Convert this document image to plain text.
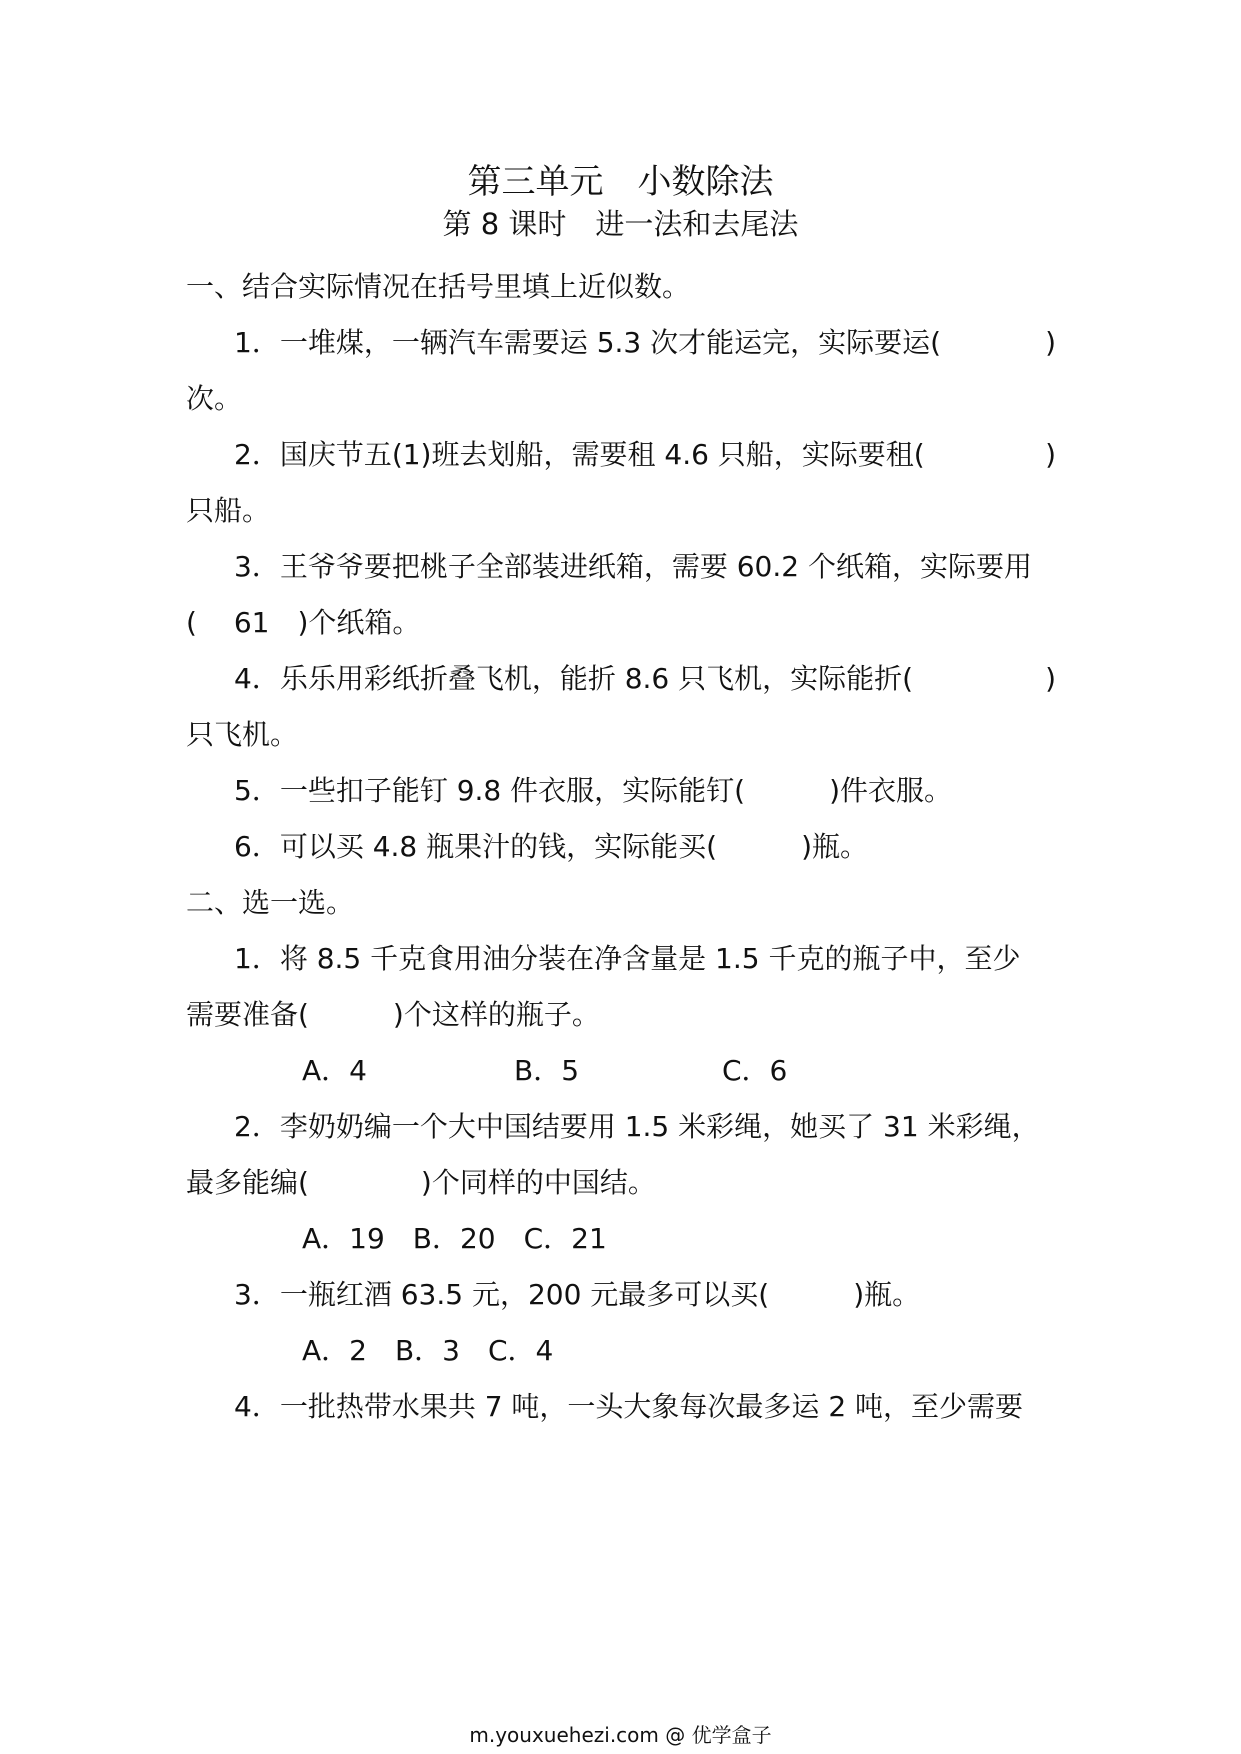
第三单元　小数除法
第 8 课时　进一法和去尾法
一、结合实际情况在括号里填上近似数。
1．一堆煤，一辆汽车需要运 5.3 次才能运完，实际要运(	)
次。
2．国庆节五(1)班去划船，需要租 4.6 只船，实际要租(	)
只船。
3．王爷爷要把桃子全部装进纸箱，需要 60.2 个纸箱，实际要用
(　 61　)个纸箱。
4．乐乐用彩纸折叠飞机，能折 8.6 只飞机，实际能折(	)
只飞机。
5．一些扣子能钉 9.8 件衣服，实际能钉(　　　)件衣服。
6．可以买 4.8 瓶果汁的钱，实际能买(　　　)瓶。
二、选一选。
1．将 8.5 千克食用油分装在净含量是 1.5 千克的瓶子中，至少
需要准备(　　　)个这样的瓶子。
A．4	B．5	C．6
2．李奶奶编一个大中国结要用 1.5 米彩绳，她买了 31 米彩绳，
最多能编(　　　　)个同样的中国结。
A．19　B．20　C．21
3．一瓶红酒 63.5 元，200 元最多可以买(　　　)瓶。
A．2　B．3　C．4
4．一批热带水果共 7 吨，一头大象每次最多运 2 吨，至少需要
m.youxuehezi.com @ 优学盒子
